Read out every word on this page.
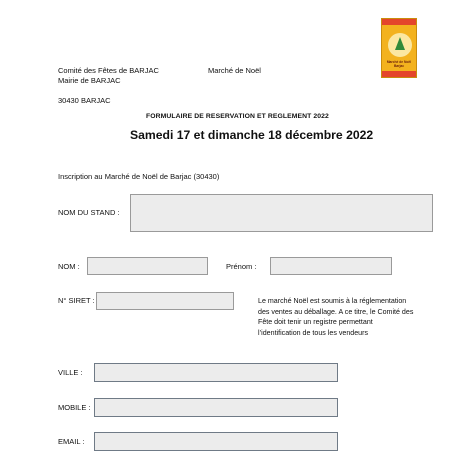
Marché de Noël Barjac
Comité des Fêtes de BARJAC	Marché de Noël
Mairie de BARJAC
30430 BARJAC
FORMULAIRE DE RESERVATION ET REGLEMENT 2022
Samedi 17 et dimanche 18 décembre 2022
Inscription au Marché de Noël de Barjac (30430)
NOM DU STAND :
NOM :	Prénom :
N° SIRET :	Le marché Noël est soumis à la réglementation
des ventes au déballage. A ce titre, le Comité des
Fête doit tenir un registre permettant
l’identification de tous les vendeurs
VILLE :
MOBILE :
EMAIL :
